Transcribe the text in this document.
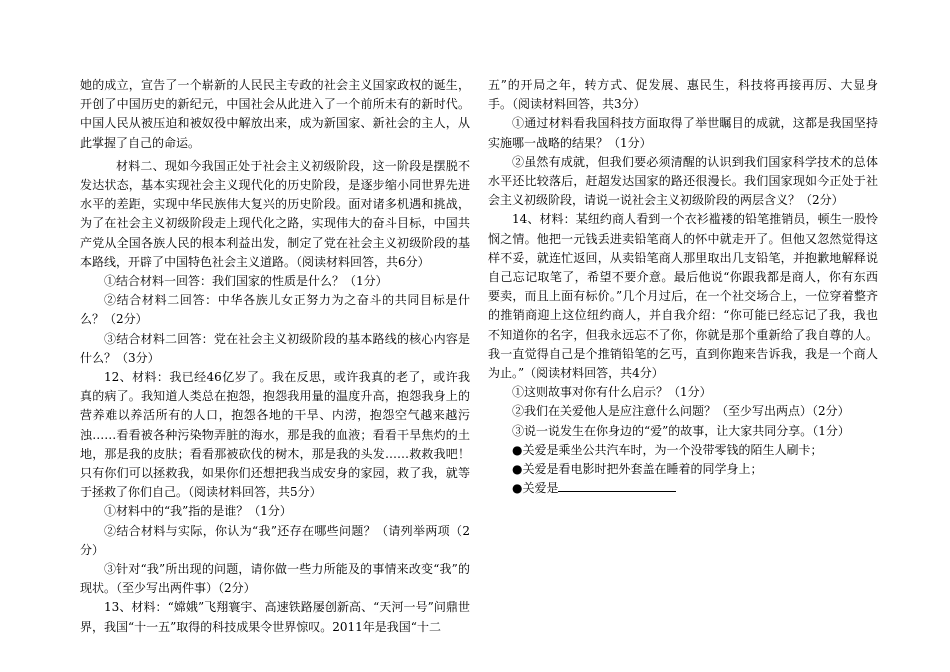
她的成立，宣告了一个崭新的人民民主专政的社会主义国家政权的诞生，开创了中国历史的新纪元，中国社会从此进入了一个前所未有的新时代。中国人民从被压迫和被奴役中解放出来，成为新国家、新社会的主人，从此掌握了自己的命运。

材料二、现如今我国正处于社会主义初级阶段，这一阶段是摆脱不发达状态，基本实现社会主义现代化的历史阶段，是逐步缩小同世界先进水平的差距，实现中华民族伟大复兴的历史阶段。面对诸多机遇和挑战，为了在社会主义初级阶段走上现代化之路，实现伟大的奋斗目标，中国共产党从全国各族人民的根本利益出发，制定了党在社会主义初级阶段的基本路线，开辟了中国特色社会主义道路。（阅读材料回答，共6分）

①结合材料一回答：我们国家的性质是什么？（1分）

②结合材料二回答：中华各族儿女正努力为之奋斗的共同目标是什么？（2分）

③结合材料二回答：党在社会主义初级阶段的基本路线的核心内容是什么？（3分）

12、材料：我已经46亿岁了。我在反思，或许我真的老了，或许我真的病了。我知道人类总在抱怨，抱怨我用量的温度升高，抱怨我身上的营养难以养活所有的人口，抱怨各地的干旱、内涝，抱怨空气越来越污浊……看看被各种污染物弄脏的海水，那是我的血液；看看干旱焦灼的土地，那是我的皮肤；看看那被砍伐的树木，那是我的头发……救救我吧！只有你们可以拯救我，如果你们还想把我当成安身的家园，救了我，就等于拯救了你们自己。（阅读材料回答，共5分）

①材料中的“我”指的是谁？（1分）

②结合材料与实际，你认为“我”还存在哪些问题？（请列举两项（2分）

③针对“我”所出现的问题，请你做一些力所能及的事情来改变“我”的现状。（至少写出两件事）（2分）

13、材料：“嫦娥”飞翔寰宇、高速铁路屡创新高、“天河一号”问鼎世界，我国“十一五”取得的科技成果令世界惊叹。2011年是我国“十二

五”的开局之年，转方式、促发展、惠民生，科技将再接再厉、大显身手。（阅读材料回答，共3分）

①通过材料看我国科技方面取得了举世瞩目的成就，这都是我国坚持实施哪一战略的结果？（1分）

②虽然有成就，但我们要必须清醒的认识到我们国家科学技术的总体水平还比较落后，赶超发达国家的路还很漫长。我们国家现如今正处于社会主义初级阶段，请说一说社会主义初级阶段的两层含义？（2分）

14、材料：某纽约商人看到一个衣衫褴褛的铅笔推销员，顿生一股怜悯之情。他把一元钱丢进卖铅笔商人的怀中就走开了。但他又忽然觉得这样不妥，就连忙返回，从卖铅笔商人那里取出几支铅笔，并抱歉地解释说自己忘记取笔了，希望不要介意。最后他说“你跟我都是商人，你有东西要卖，而且上面有标价。”几个月过后，在一个社交场合上，一位穿着整齐的推销商迎上这位纽约商人，并自我介绍：“你可能已经忘记了我，我也不知道你的名字，但我永远忘不了你，你就是那个重新给了我自尊的人。我一直觉得自己是个推销铅笔的乞丐，直到你跑来告诉我，我是一个商人为止。”（阅读材料回答，共4分）

①这则故事对你有什么启示？（1分）

②我们在关爱他人是应注意什么问题？（至少写出两点）（2分）

③说一说发生在你身边的“爱”的故事，让大家共同分享。（1分）

●关爱是乘坐公共汽车时，为一个没带零钱的陌生人刷卡；

●关爱是看电影时把外套盖在睡着的同学身上；

●关爱是
